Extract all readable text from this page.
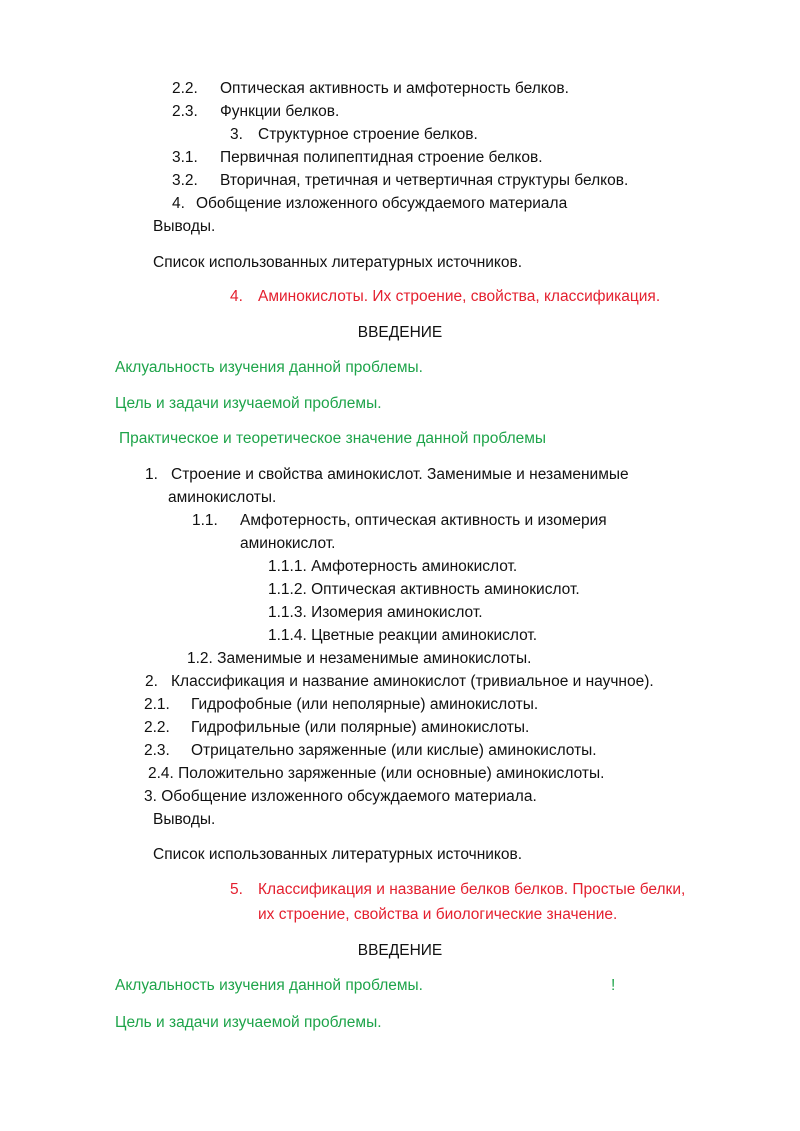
2.2. Оптическая активность и амфотерность белков.
2.3. Функции белков.
3. Структурное строение белков.
3.1. Первичная полипептидная строение белков.
3.2. Вторичная, третичная и четвертичная структуры белков.
4. Обобщение изложенного обсуждаемого материала
Выводы.
Список использованных литературных источников.
4. Аминокислоты. Их строение, свойства, классификация.
ВВЕДЕНИЕ
Аклуальность изучения данной проблемы.
Цель и задачи изучаемой проблемы.
Практическое и теоретическое значение данной проблемы
1. Строение и свойства аминокислот. Заменимые и незаменимые
аминокислоты.
1.1. Амфотерность, оптическая активность и изомерия
аминокислот.
1.1.1. Амфотерность аминокислот.
1.1.2. Оптическая активность аминокислот.
1.1.3. Изомерия аминокислот.
1.1.4. Цветные реакции аминокислот.
1.2. Заменимые и незаменимые аминокислоты.
2. Классификация и название аминокислот (тривиальное и научное).
2.1. Гидрофобные (или неполярные) аминокислоты.
2.2. Гидрофильные (или полярные) аминокислоты.
2.3. Отрицательно заряженные (или кислые) аминокислоты.
2.4. Положительно заряженные (или основные) аминокислоты.
3. Обобщение изложенного обсуждаемого материала.
Выводы.
Список использованных литературных источников.
5. Классификация и название белков белков. Простые белки,
их строение, свойства и биологические значение.
ВВЕДЕНИЕ
Аклуальность изучения данной проблемы.	!
Цель и задачи изучаемой проблемы.
